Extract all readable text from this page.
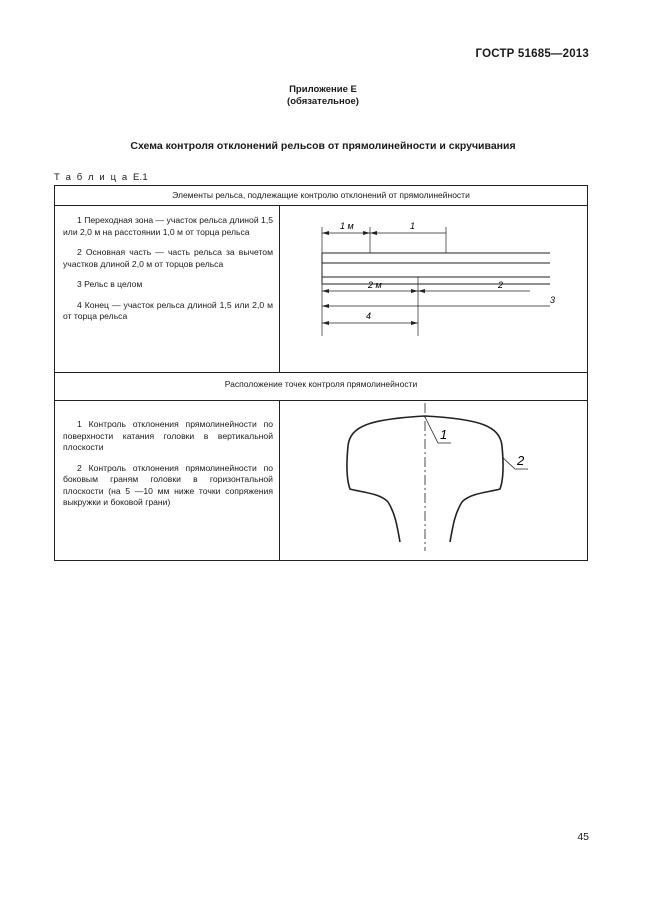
ГОСТР 51685—2013
Приложение Е
(обязательное)
Схема контроля отклонений рельсов от прямолинейности и скручивания
Т а б л и ц а Е.1
Элементы рельса, подлежащие контролю отклонений от прямолинейности

1 Переходная зона — участок рельса длиной 1,5 или 2,0 м на расстоянии 1,0 м от торца рельса

2 Основная часть — часть рельса за вычетом участков длиной 2,0 м от торцов рельса

3 Рельс в целом

4 Конец — участок рельса длиной 1,5 или 2,0 м от торца рельса

1 м	1
2 м	2
3
4
Расположение точек контроля прямолинейности

1 Контроль отклонения прямолинейности по поверхности катания головки в вертикальной плоскости

2 Контроль отклонения прямолинейности по боковым граням головки в горизонтальной плоскости (на 5 —10 мм ниже точки сопряжения выкружки и боковой грани)

1
2
45
